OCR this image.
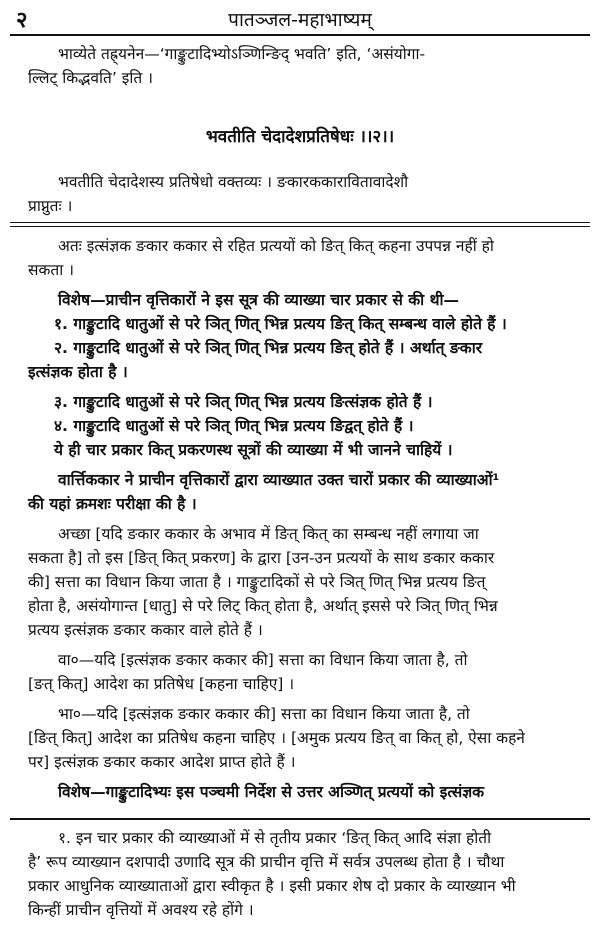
२	पातञ्जल-महाभाष्यम्

भाव्येते तह्र्यनेन—‘गाङ्कुटादिभ्योऽञ्णिन्ङिद् भवति’ इति, ‘असंयोगा-

ल्लिट् किद्भवति’ इति ।

भवतीति चेदादेशप्रतिषेधः ।।२।।

भवतीति चेदादेशस्य प्रतिषेधो वक्तव्यः । ङकारककारावितावादेशौ

प्राप्नुतः ।

अतः इत्संज्ञक ङकार ककार से रहित प्रत्ययों को ङित् कित् कहना उपपन्न नहीं हो

सकता ।

विशेष—प्राचीन वृत्तिकारों ने इस सूत्र की व्याख्या चार प्रकार से की थी—

१. गाङ्कुटादि धातुओं से परे ञित् णित् भिन्न प्रत्यय ङित् कित् सम्बन्ध वाले होते हैं ।

२. गाङ्कुटादि धातुओं से परे ञित् णित् भिन्न प्रत्यय ङित् होते हैं । अर्थात् ङकार

इत्संज्ञक होता है ।

३. गाङ्कुटादि धातुओं से परे ञित् णित् भिन्न प्रत्यय ङित्संज्ञक होते हैं ।

४. गाङ्कुटादि धातुओं से परे ञित् णित् भिन्न प्रत्यय ङिद्वत् होते हैं ।

ये ही चार प्रकार कित् प्रकरणस्थ सूत्रों की व्याख्या में भी जानने चाहियें ।

वार्त्तिककार ने प्राचीन वृत्तिकारों द्वारा व्याख्यात उक्त चारों प्रकार की व्याख्याओं¹

की यहां क्रमशः परीक्षा की है ।

अच्छा [यदि ङकार ककार के अभाव में ङित् कित् का सम्बन्ध नहीं लगाया जा

सकता है] तो इस [ङित् कित् प्रकरण] के द्वारा [उन-उन प्रत्ययों के साथ ङकार ककार

की] सत्ता का विधान किया जाता है । गाङ्कुटादिकों से परे ञित् णित् भिन्न प्रत्यय ङित्

होता है, असंयोगान्त [धातु] से परे लिट् कित् होता है, अर्थात् इससे परे ञित् णित् भिन्न

प्रत्यय इत्संज्ञक ङकार ककार वाले होते हैं ।

वा०—यदि [इत्संज्ञक ङकार ककार की] सत्ता का विधान किया जाता है, तो

[ङत् कित्] आदेश का प्रतिषेध [कहना चाहिए] ।

भा०—यदि [इत्संज्ञक ङकार ककार की] सत्ता का विधान किया जाता है, तो

[ङित् कित्] आदेश का प्रतिषेध कहना चाहिए । [अमुक प्रत्यय ङित् वा कित् हो, ऐसा कहने

पर] इत्संज्ञक ङकार ककार आदेश प्राप्त होते हैं ।

विशेष—गाङ्कुटादिभ्यः इस पञ्चमी निर्देश से उत्तर अञ्णित् प्रत्ययों को इत्संज्ञक

१. इन चार प्रकार की व्याख्याओं में से तृतीय प्रकार ‘ङित् कित् आदि संज्ञा होती

है’ रूप व्याख्यान दशपादी उणादि सूत्र की प्राचीन वृत्ति में सर्वत्र उपलब्ध होता है । चौथा

प्रकार आधुनिक व्याख्याताओं द्वारा स्वीकृत है । इसी प्रकार शेष दो प्रकार के व्याख्यान भी

किन्हीं प्राचीन वृत्तियों में अवश्य रहे होंगे ।
